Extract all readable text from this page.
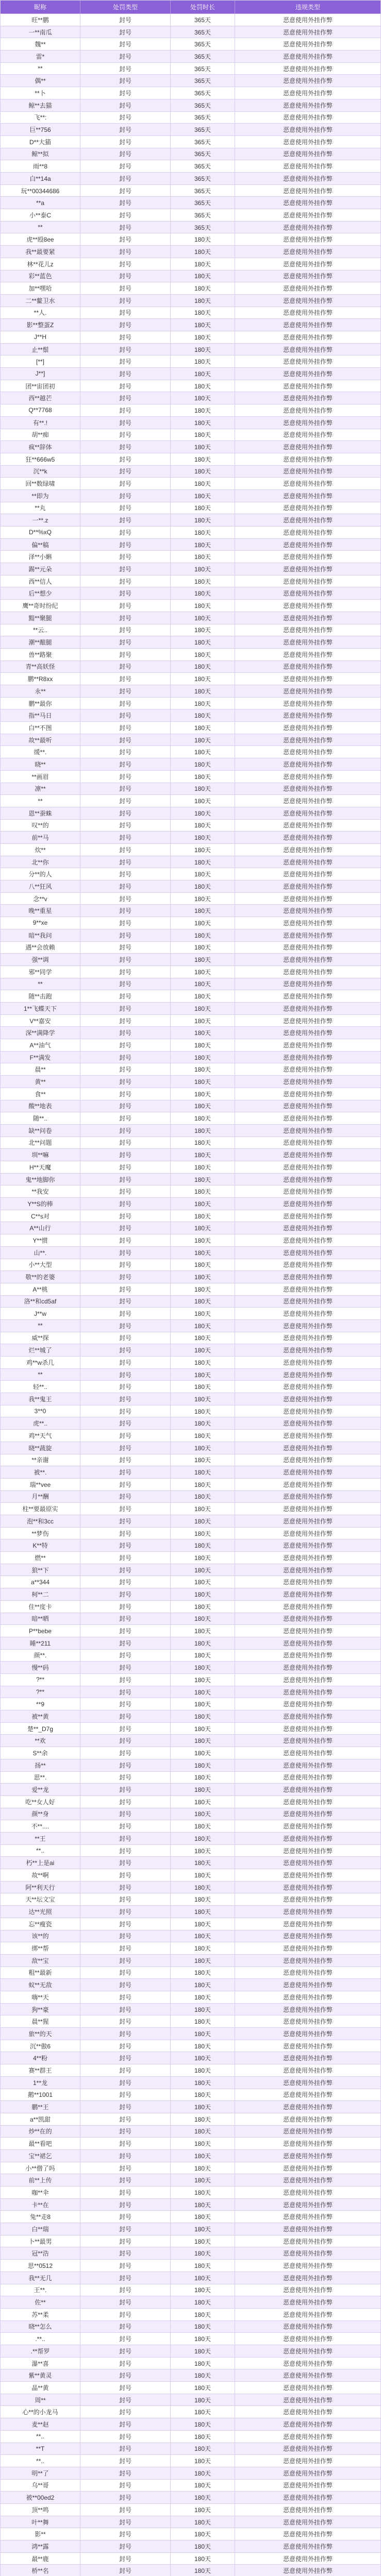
昵称	处罚类型	处罚时长	违规类型
旺**鹏	封号	365天	恶意使用外挂作弊
一**南瓜	封号	365天	恶意使用外挂作弊
魏**	封号	365天	恶意使用外挂作弊
雷*	封号	365天	恶意使用外挂作弊
**	封号	365天	恶意使用外挂作弊
偶**	封号	365天	恶意使用外挂作弊
**卜	封号	365天	恶意使用外挂作弊
鲸**去猫	封号	365天	恶意使用外挂作弊
飞**:	封号	365天	恶意使用外挂作弊
巨**756	封号	365天	恶意使用外挂作弊
D**大猫	封号	365天	恶意使用外挂作弊
鲸**拟	封号	365天	恶意使用外挂作弊
雨**8	封号	365天	恶意使用外挂作弊
白**14a	封号	365天	恶意使用外挂作弊
玩**00344686	封号	365天	恶意使用外挂作弊
**a	封号	365天	恶意使用外挂作弊
小**泰C	封号	365天	恶意使用外挂作弊
**	封号	365天	恶意使用外挂作弊
虎**殴8ee	封号	180天	恶意使用外挂作弊
我**最要紧	封号	180天	恶意使用外挂作弊
林**花儿z	封号	180天	恶意使用外挂作弊
彩**蓝色	封号	180天	恶意使用外挂作弊
加**嘿哈	封号	180天	恶意使用外挂作弊
二**鳌卫水	封号	180天	恶意使用外挂作弊
**人.	封号	180天	恶意使用外挂作弊
影**整蛋Z	封号	180天	恶意使用外挂作弊
J**H	封号	180天	恶意使用外挂作弊
止**鬃	封号	180天	恶意使用外挂作弊
[**]	封号	180天	恶意使用外挂作弊
J**]	封号	180天	恶意使用外挂作弊
团**宙团初	封号	180天	恶意使用外挂作弊
西**越芒	封号	180天	恶意使用外挂作弊
Q**7768	封号	180天	恶意使用外挂作弊
有**.!	封号	180天	恶意使用外挂作弊
胡**痴	封号	180天	恶意使用外挂作弊
疯**辞体	封号	180天	恶意使用外挂作弊
狂**666w5	封号	180天	恶意使用外挂作弊
沉**k	封号	180天	恶意使用外挂作弊
回**数绿啸	封号	180天	恶意使用外挂作弊
**即为	封号	180天	恶意使用外挂作弊
**丸	封号	180天	恶意使用外挂作弊
一**.z	封号	180天	恶意使用外挂作弊
D**%xQ	封号	180天	恶意使用外挂作弊
偏**稿	封号	180天	恶意使用外挂作弊
泽**小蝌	封号	180天	恶意使用外挂作弊
踢**元朵	封号	180天	恶意使用外挂作弊
西**信人	封号	180天	恶意使用外挂作弊
后**想少	封号	180天	恶意使用外挂作弊
鹰**奇时纷纪	封号	180天	恶意使用外挂作弊
黯**聚腿	封号	180天	恶意使用外挂作弊
**云..	封号	180天	恶意使用外挂作弊
潮**酿腿	封号	180天	恶意使用外挂作弊
兽**路聚	封号	180天	恶意使用外挂作弊
青**高妖怪	封号	180天	恶意使用外挂作弊
鹏**R8xx	封号	180天	恶意使用外挂作弊
永**	封号	180天	恶意使用外挂作弊
鹏**最你	封号	180天	恶意使用外挂作弊
指**马日	封号	180天	恶意使用外挂作弊
白**不图	封号	180天	恶意使用外挂作弊
故**最听	封号	180天	恶意使用外挂作弊
缓**.	封号	180天	恶意使用外挂作弊
晓**	封号	180天	恶意使用外挂作弊
**画眉	封号	180天	恶意使用外挂作弊
凛**	封号	180天	恶意使用外挂作弊
**	封号	180天	恶意使用外挂作弊
恩**蚕蛛	封号	180天	恶意使用外挂作弊
叹**的	封号	180天	恶意使用外挂作弊
前**马	封号	180天	恶意使用外挂作弊
炊**	封号	180天	恶意使用外挂作弊
北**你	封号	180天	恶意使用外挂作弊
分**的人	封号	180天	恶意使用外挂作弊
八**狂风	封号	180天	恶意使用外挂作弊
念**v	封号	180天	恶意使用外挂作弊
晚**重星	封号	180天	恶意使用外挂作弊
9**xe	封号	180天	恶意使用外挂作弊
暗**我问	封号	180天	恶意使用外挂作弊
遇**会放赖	封号	180天	恶意使用外挂作弊
强**调	封号	180天	恶意使用外挂作弊
邪**同学	封号	180天	恶意使用外挂作弊
**	封号	180天	恶意使用外挂作弊
随**击跑	封号	180天	恶意使用外挂作弊
1**飞蝶天下	封号	180天	恶意使用外挂作弊
V**嘉安	封号	180天	恶意使用外挂作弊
深**满降学	封号	180天	恶意使用外挂作弊
A**油气	封号	180天	恶意使用外挂作弊
F**满发	封号	180天	恶意使用外挂作弊
晨**	封号	180天	恶意使用外挂作弊
黄**	封号	180天	恶意使用外挂作弊
食**	封号	180天	恶意使用外挂作弊
酸**地表	封号	180天	恶意使用外挂作弊
随**..	封号	180天	恶意使用外挂作弊
缺**问卷	封号	180天	恶意使用外挂作弊
北**问题	封号	180天	恶意使用外挂作弊
圳**嘛	封号	180天	恶意使用外挂作弊
H**天魔	封号	180天	恶意使用外挂作弊
鬼**地脚你	封号	180天	恶意使用外挂作弊
**我安	封号	180天	恶意使用外挂作弊
Y**S的棒	封号	180天	恶意使用外挂作弊
C**s对	封号	180天	恶意使用外挂作弊
A**山行	封号	180天	恶意使用外挂作弊
Y**惯	封号	180天	恶意使用外挂作弊
山**.	封号	180天	恶意使用外挂作弊
小**大型	封号	180天	恶意使用外挂作弊
敬**的老婆	封号	180天	恶意使用外挂作弊
A**桃	封号	180天	恶意使用外挂作弊
洛**和cd5af	封号	180天	恶意使用外挂作弊
J**w	封号	180天	恶意使用外挂作弊
**	封号	180天	恶意使用外挂作弊
威**探	封号	180天	恶意使用外挂作弊
烂**城了	封号	180天	恶意使用外挂作弊
鸡**w杀几	封号	180天	恶意使用外挂作弊
**	封号	180天	恶意使用外挂作弊
轻**..	封号	180天	恶意使用外挂作弊
我**鬼王	封号	180天	恶意使用外挂作弊
3**0	封号	180天	恶意使用外挂作弊
虎**..	封号	180天	恶意使用外挂作弊
鸡**天气	封号	180天	恶意使用外挂作弊
晓**蔬旋	封号	180天	恶意使用外挂作弊
**亲谢	封号	180天	恶意使用外挂作弊
被**.	封号	180天	恶意使用外挂作弊
瑞**vee	封号	180天	恶意使用外挂作弊
月**酬	封号	180天	恶意使用外挂作弊
柱**要最原实	封号	180天	恶意使用外挂作弊
泡**和3cc	封号	180天	恶意使用外挂作弊
**梦伤	封号	180天	恶意使用外挂作弊
K**特	封号	180天	恶意使用外挂作弊
燃**	封号	180天	恶意使用外挂作弊
狼**下	封号	180天	恶意使用外挂作弊
a**344	封号	180天	恶意使用外挂作弊
柯**二	封号	180天	恶意使用外挂作弊
住**度卡	封号	180天	恶意使用外挂作弊
暗**晒	封号	180天	恶意使用外挂作弊
P**bebe	封号	180天	恶意使用外挂作弊
睡**211	封号	180天	恶意使用外挂作弊
颜**.	封号	180天	恶意使用外挂作弊
慢**码	封号	180天	恶意使用外挂作弊
?**	封号	180天	恶意使用外挂作弊
?**	封号	180天	恶意使用外挂作弊
**9	封号	180天	恶意使用外挂作弊
被**黄	封号	180天	恶意使用外挂作弊
楚**_D7g	封号	180天	恶意使用外挂作弊
**欢	封号	180天	恶意使用外挂作弊
S**余	封号	180天	恶意使用外挂作弊
扬**	封号	180天	恶意使用外挂作弊
思**.	封号	180天	恶意使用外挂作弊
爱**龙	封号	180天	恶意使用外挂作弊
吃**女人好	封号	180天	恶意使用外挂作弊
颜**身	封号	180天	恶意使用外挂作弊
不**....	封号	180天	恶意使用外挂作弊
**王	封号	180天	恶意使用外挂作弊
**..	封号	180天	恶意使用外挂作弊
朽**上是ai	封号	180天	恶意使用外挂作弊
故**啊	封号	180天	恶意使用外挂作弊
阿**利天行	封号	180天	恶意使用外挂作弊
天**坛文宝	封号	180天	恶意使用外挂作弊
达**光照	封号	180天	恶意使用外挂作弊
忘**瘦瓷	封号	180天	恶意使用外挂作弊
该**的	封号	180天	恶意使用外挂作弊
绑**帮	封号	180天	恶意使用外挂作弊
敌**宝	封号	180天	恶意使用外挂作弊
粗**最新	封号	180天	恶意使用外挂作弊
蚁**无敌	封号	180天	恶意使用外挂作弊
嗨**天	封号	180天	恶意使用外挂作弊
狗**豪	封号	180天	恶意使用外挂作弊
晨**猩	封号	180天	恶意使用外挂作弊
旅**的天	封号	180天	恶意使用外挂作弊
沉**傲6	封号	180天	恶意使用外挂作弊
4**粉	封号	180天	恶意使用外挂作弊
赛**群王	封号	180天	恶意使用外挂作弊
1**龙	封号	180天	恶意使用外挂作弊
鹅**1001	封号	180天	恶意使用外挂作弊
鹏**王	封号	180天	恶意使用外挂作弊
a**凯甜	封号	180天	恶意使用外挂作弊
炒**在的	封号	180天	恶意使用外挂作弊
最**看吧	封号	180天	恶意使用外挂作弊
宝**裙乞	封号	180天	恶意使用外挂作弊
小**僧了吗	封号	180天	恶意使用外挂作弊
前**上传	封号	180天	恶意使用外挂作弊
咖**伞	封号	180天	恶意使用外挂作弊
卡**在	封号	180天	恶意使用外挂作弊
兔**走8	封号	180天	恶意使用外挂作弊
白**瑞	封号	180天	恶意使用外挂作弊
卜**最男	封号	180天	恶意使用外挂作弊
冠**浩	封号	180天	恶意使用外挂作弊
思**0512	封号	180天	恶意使用外挂作弊
我**无几	封号	180天	恶意使用外挂作弊
王**.	封号	180天	恶意使用外挂作弊
佐**	封号	180天	恶意使用外挂作弊
苏**柔	封号	180天	恶意使用外挂作弊
晓**怎么	封号	180天	恶意使用外挂作弊
.**..	封号	180天	恶意使用外挂作弊
.**帮罗	封号	180天	恶意使用外挂作弊
瀑**喜	封号	180天	恶意使用外挂作弊
紫**黄灵	封号	180天	恶意使用外挂作弊
晶**黄	封号	180天	恶意使用外挂作弊
周**	封号	180天	恶意使用外挂作弊
心**的小龙马	封号	180天	恶意使用外挂作弊
麦**赵	封号	180天	恶意使用外挂作弊
**..	封号	180天	恶意使用外挂作弊
**T	封号	180天	恶意使用外挂作弊
**..	封号	180天	恶意使用外挂作弊
明**了	封号	180天	恶意使用外挂作弊
乌**哥	封号	180天	恶意使用外挂作弊
被**00ed2	封号	180天	恶意使用外挂作弊
顶**鸣	封号	180天	恶意使用外挂作弊
叶**舞	封号	180天	恶意使用外挂作弊
影**	封号	180天	恶意使用外挂作弊
鸿**露	封号	180天	恶意使用外挂作弊
最**鹿	封号	180天	恶意使用外挂作弊
桥**名	封号	180天	恶意使用外挂作弊
